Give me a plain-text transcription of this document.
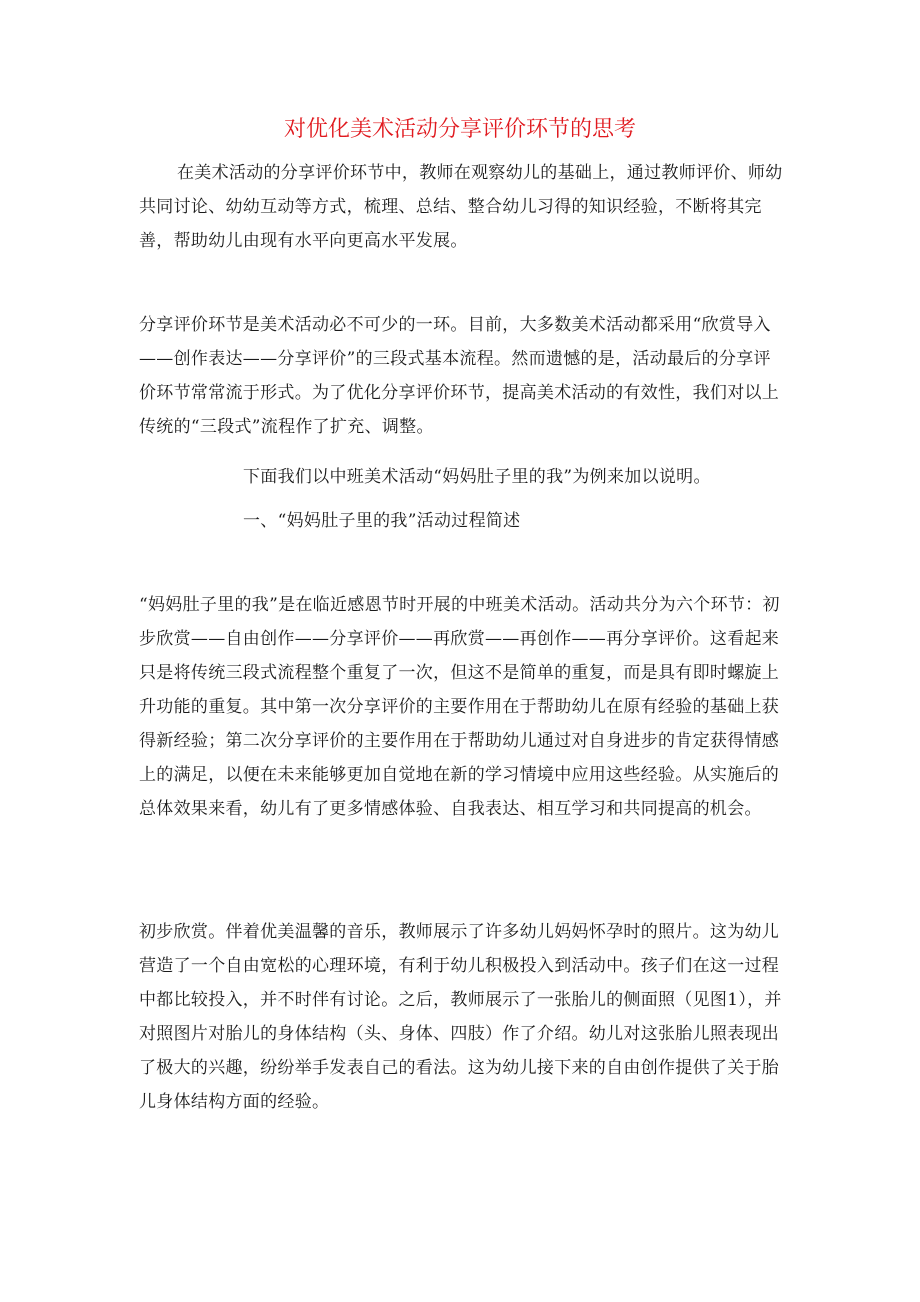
对优化美术活动分享评价环节的思考

在美术活动的分享评价环节中，教师在观察幼儿的基础上，通过教师评价、师幼共同讨论、幼幼互动等方式，梳理、总结、整合幼儿习得的知识经验，不断将其完善，帮助幼儿由现有水平向更高水平发展。

分享评价环节是美术活动必不可少的一环。目前，大多数美术活动都采用“欣赏导入——创作表达——分享评价”的三段式基本流程。然而遗憾的是，活动最后的分享评价环节常常流于形式。为了优化分享评价环节，提高美术活动的有效性，我们对以上传统的“三段式”流程作了扩充、调整。

下面我们以中班美术活动“妈妈肚子里的我”为例来加以说明。

一、“妈妈肚子里的我”活动过程简述

“妈妈肚子里的我”是在临近感恩节时开展的中班美术活动。活动共分为六个环节：初步欣赏——自由创作——分享评价——再欣赏——再创作——再分享评价。这看起来只是将传统三段式流程整个重复了一次，但这不是简单的重复，而是具有即时螺旋上升功能的重复。其中第一次分享评价的主要作用在于帮助幼儿在原有经验的基础上获得新经验；第二次分享评价的主要作用在于帮助幼儿通过对自身进步的肯定获得情感上的满足，以便在未来能够更加自觉地在新的学习情境中应用这些经验。从实施后的总体效果来看，幼儿有了更多情感体验、自我表达、相互学习和共同提高的机会。

初步欣赏。伴着优美温馨的音乐，教师展示了许多幼儿妈妈怀孕时的照片。这为幼儿营造了一个自由宽松的心理环境，有利于幼儿积极投入到活动中。孩子们在这一过程中都比较投入，并不时伴有讨论。之后，教师展示了一张胎儿的侧面照（见图1），并对照图片对胎儿的身体结构（头、身体、四肢）作了介绍。幼儿对这张胎儿照表现出了极大的兴趣，纷纷举手发表自己的看法。这为幼儿接下来的自由创作提供了关于胎儿身体结构方面的经验。
